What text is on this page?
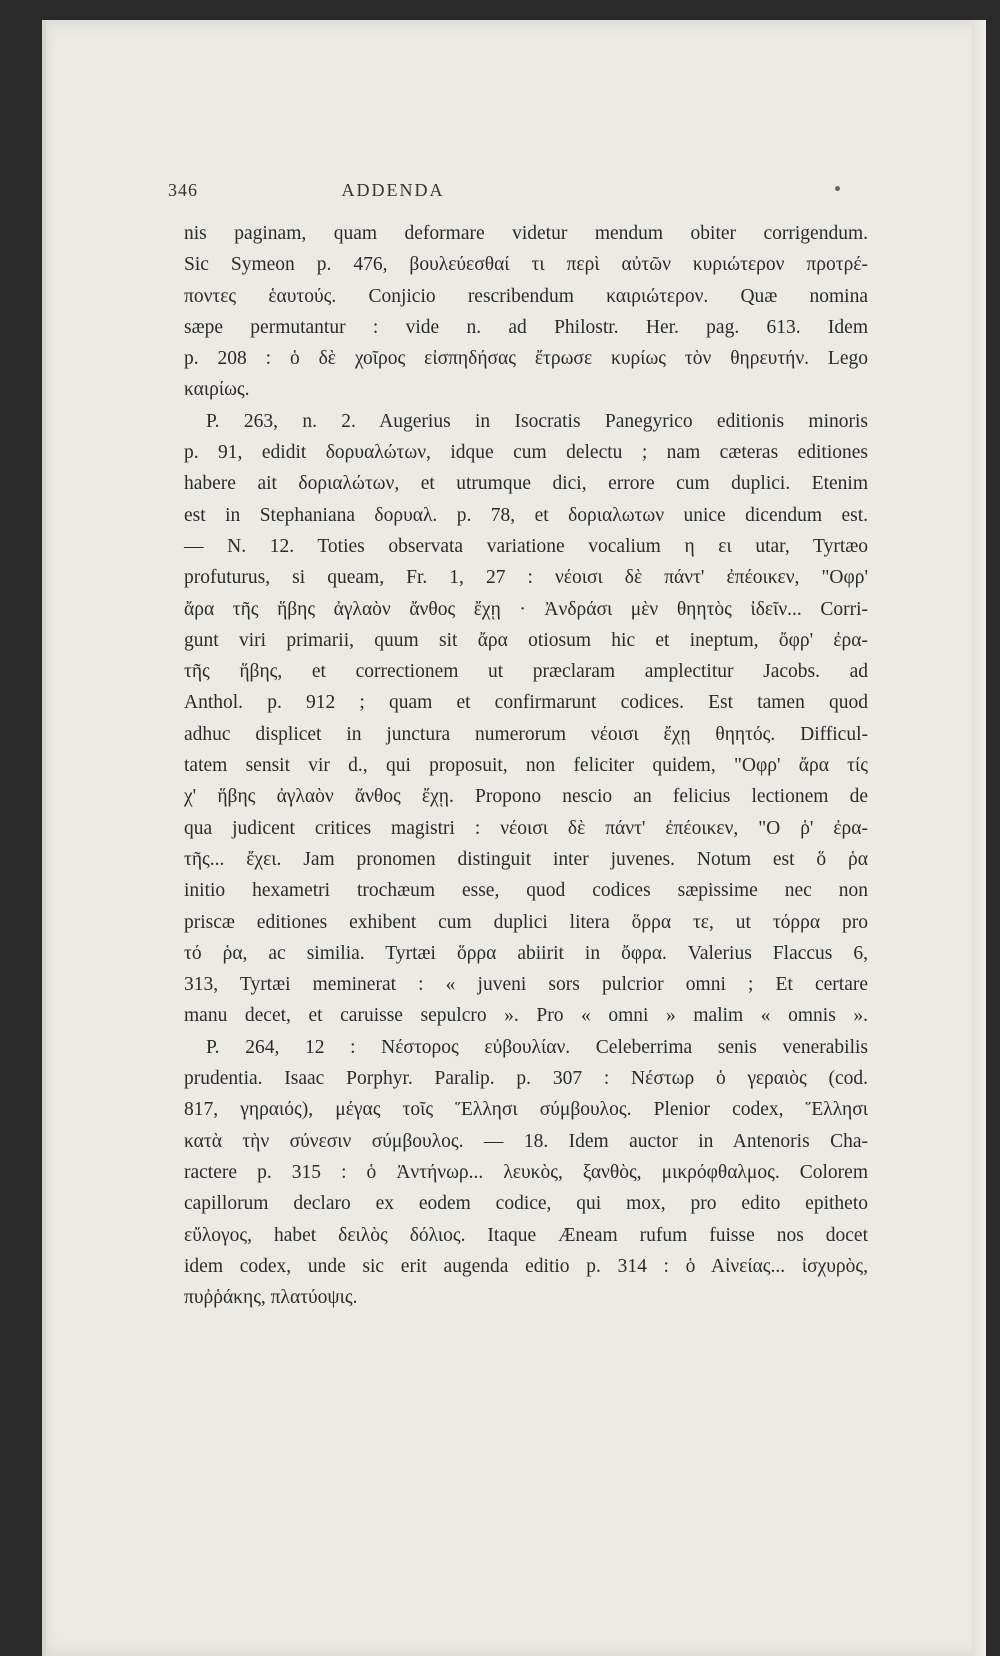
346	ADDENDA
nis paginam, quam deformare videtur mendum obiter corrigendum.
Sic Symeon p. 476, βουλεύεσθαί τι περὶ αὐτῶν κυριώτερον προτρέ-
ποντες ἑαυτούς. Conjicio rescribendum καιριώτερον. Quæ nomina
sæpe permutantur : vide n. ad Philostr. Her. pag. 613. Idem
p. 208 : ὁ δὲ χοῖρος εἰσπηδήσας ἔτρωσε κυρίως τὸν θηρευτήν. Lego
καιρίως.
P. 263, n. 2. Augerius in Isocratis Panegyrico editionis minoris
p. 91, edidit δορυαλώτων, idque cum delectu ; nam cæteras editiones
habere ait δοριαλώτων, et utrumque dici, errore cum duplici. Etenim
est in Stephaniana δορυαλ. p. 78, et δοριαλωτων unice dicendum est.
— N. 12. Toties observata variatione vocalium η ει utar, Tyrtæo
profuturus, si queam, Fr. 1, 27 : νέοισι δὲ πάντ' ἐπέοικεν, "Οφρ'
ἄρα τῆς ἥβης ἀγλαὸν ἄνθος ἔχῃ · Ἀνδράσι μὲν θηητὸς ἰδεῖν... Corri-
gunt viri primarii, quum sit ἄρα otiosum hic et ineptum, ὄφρ' ἐρα-
τῆς ἥβης, et correctionem ut præclaram amplectitur Jacobs. ad
Anthol. p. 912 ; quam et confirmarunt codices. Est tamen quod
adhuc displicet in junctura numerorum νέοισι ἔχῃ θηητός. Difficul-
tatem sensit vir d., qui proposuit, non feliciter quidem, "Οφρ' ἄρα τίς
χ' ἥβης ἀγλαὸν ἄνθος ἔχῃ. Propono nescio an felicius lectionem de
qua judicent critices magistri : νέοισι δὲ πάντ' ἐπέοικεν, "Ο ῥ' ἐρα-
τῆς... ἔχει. Jam pronomen distinguit inter juvenes. Notum est ὅ ῥα
initio hexametri trochæum esse, quod codices sæpissime nec non
priscæ editiones exhibent cum duplici litera ὅρρα τε, ut τόρρα pro
τό ῥα, ac similia. Tyrtæi ὅρρα abiirit in ὄφρα. Valerius Flaccus 6,
313, Tyrtæi meminerat : « juveni sors pulcrior omni ; Et certare
manu decet, et caruisse sepulcro ». Pro « omni » malim « omnis ».
P. 264, 12 : Νέστορος εὐβουλίαν. Celeberrima senis venerabilis
prudentia. Isaac Porphyr. Paralip. p. 307 : Νέστωρ ὁ γεραιὸς (cod.
817, γηραιός), μέγας τοῖς Ἕλλησι σύμβουλος. Plenior codex, Ἕλλησι
κατὰ τὴν σύνεσιν σύμβουλος. — 18. Idem auctor in Antenoris Cha-
ractere p. 315 : ὁ Ἀντήνωρ... λευκὸς, ξανθὸς, μικρόφθαλμος. Colorem
capillorum declaro ex eodem codice, qui mox, pro edito epitheto
εὔλογος, habet δειλὸς δόλιος. Itaque Æneam rufum fuisse nos docet
idem codex, unde sic erit augenda editio p. 314 : ὁ Αἰνείας... ἰσχυρὸς,
πυῤῥάκης, πλατύοψις.
